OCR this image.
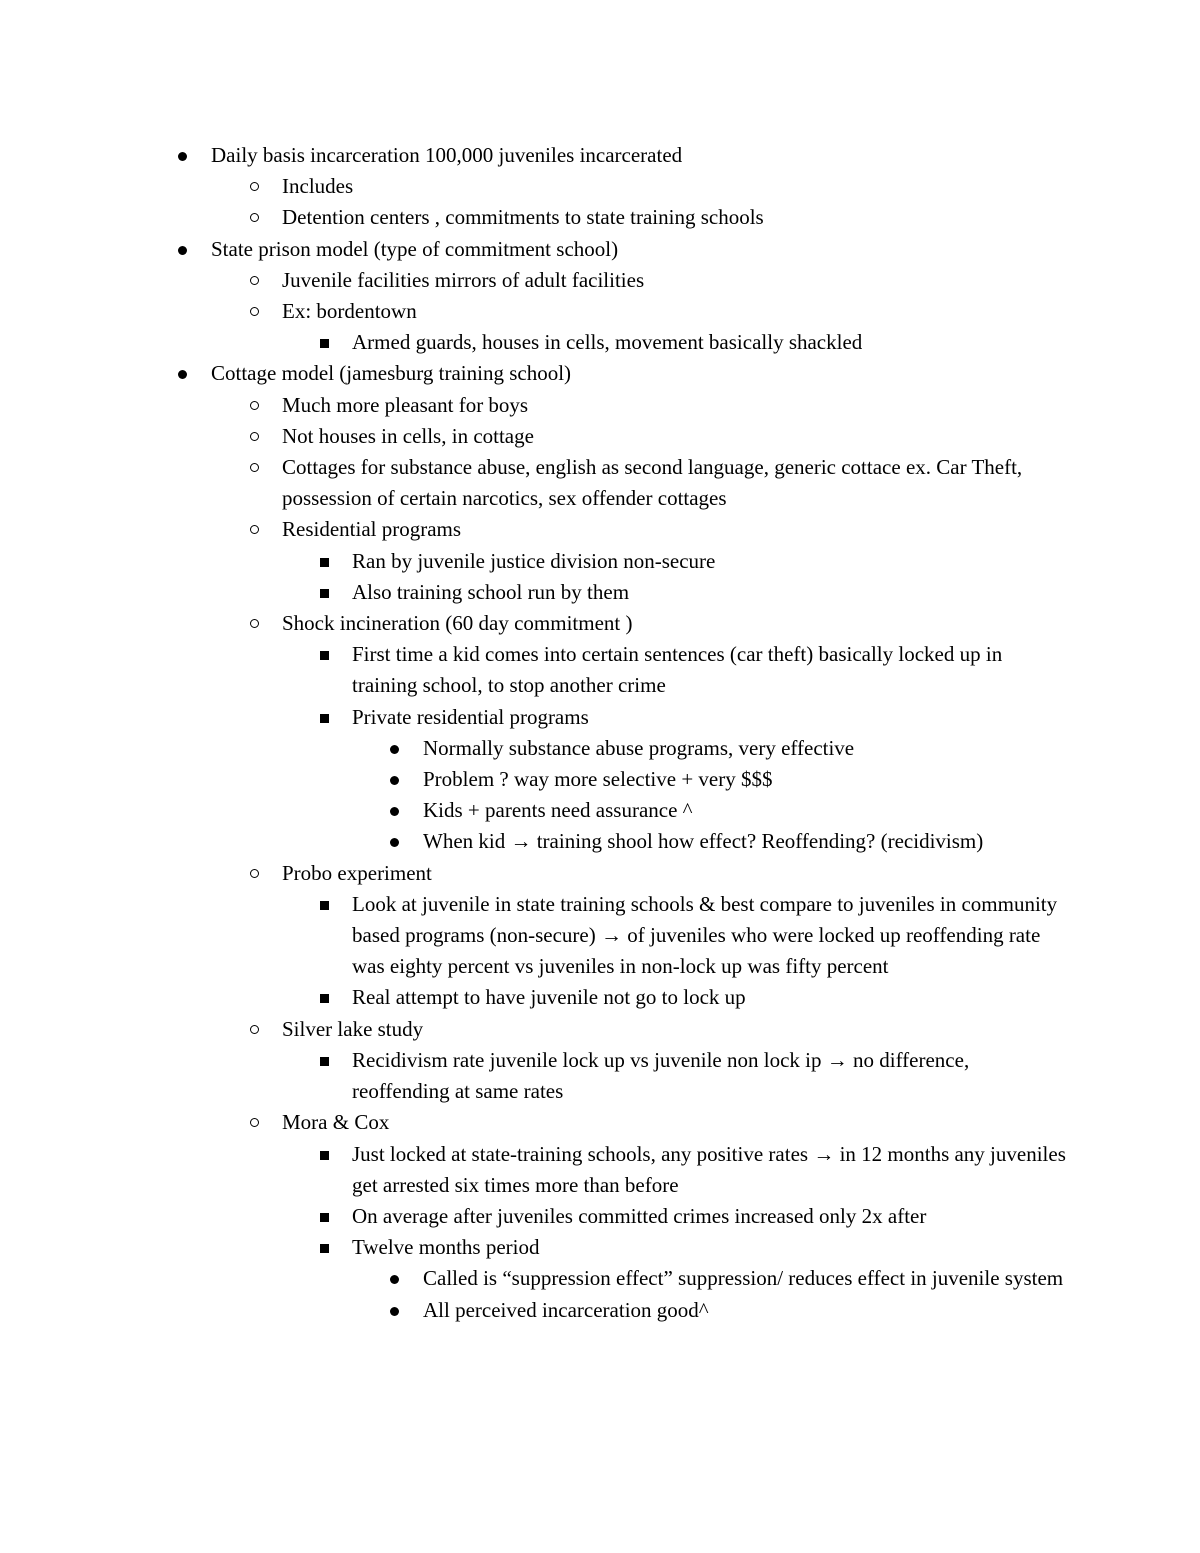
Daily basis incarceration 100,000 juveniles incarcerated
Includes
Detention centers , commitments to state training schools
State prison model (type of commitment school)
Juvenile facilities mirrors of adult facilities
Ex: bordentown
Armed guards, houses in cells, movement basically shackled
Cottage model (jamesburg training school)
Much more pleasant for boys
Not houses in cells, in cottage
Cottages for substance abuse, english as second language, generic cottace ex. Car Theft, possession of certain narcotics, sex offender cottages
Residential programs
Ran by juvenile justice division non-secure
Also training school run by them
Shock incineration (60 day commitment )
First time a kid comes into certain sentences (car theft) basically locked up in training school, to stop another crime
Private residential programs
Normally substance abuse programs, very effective
Problem ? way more selective + very $$$
Kids + parents need assurance ^
When kid → training shool how effect? Reoffending? (recidivism)
Probo experiment
Look at juvenile in state training schools & best compare to juveniles in community based programs (non-secure) → of juveniles who were locked up reoffending rate was eighty percent vs juveniles in non-lock up was fifty percent
Real attempt to have juvenile not go to lock up
Silver lake study
Recidivism rate juvenile lock up vs juvenile non lock ip → no difference, reoffending at same rates
Mora & Cox
Just locked at state-training schools, any positive rates → in 12 months any juveniles get arrested six times more than before
On average after juveniles committed crimes increased only 2x after
Twelve months period
Called is “suppression effect” suppression/ reduces effect in juvenile system
All perceived incarceration good^
